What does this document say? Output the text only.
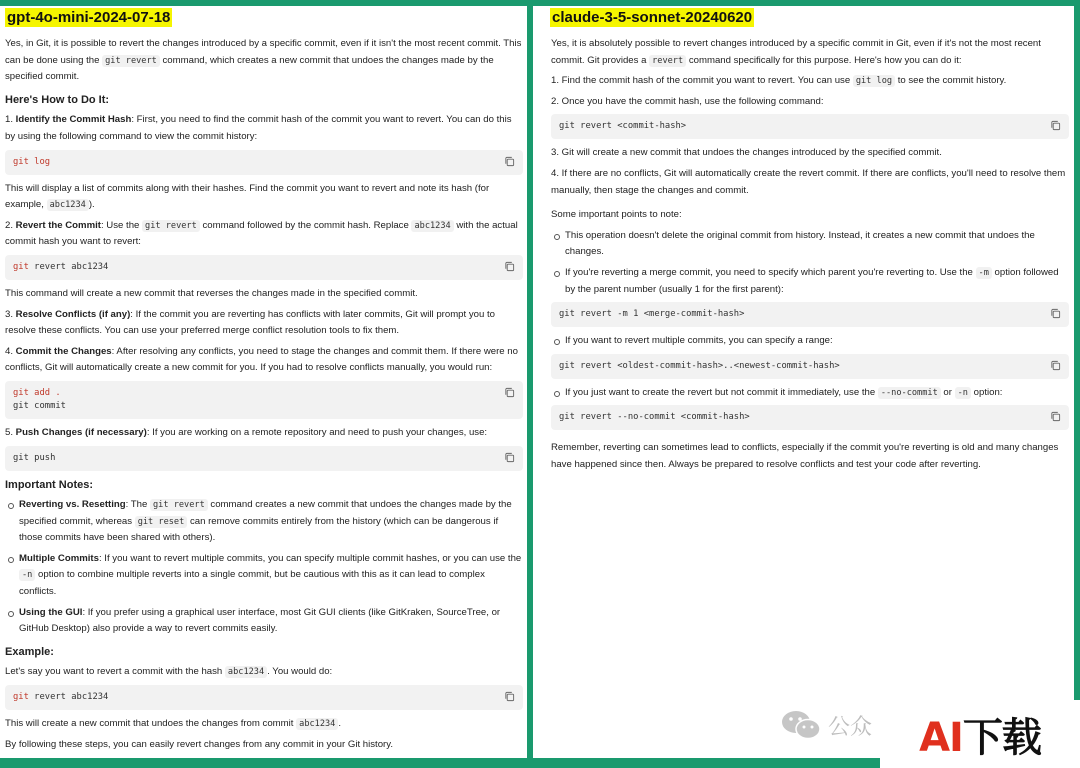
gpt-4o-mini-2024-07-18

Yes, in Git, it is possible to revert the changes introduced by a specific commit, even if it isn't the most recent commit. This can be done using the git revert command, which creates a new commit that undoes the changes made by the specified commit.

Here's How to Do It:

1. Identify the Commit Hash: First, you need to find the commit hash of the commit you want to revert. You can do this by using the following command to view the commit history:

git log

This will display a list of commits along with their hashes. Find the commit you want to revert and note its hash (for example, abc1234 ).

2. Revert the Commit: Use the git revert command followed by the commit hash. Replace abc1234 with the actual commit hash you want to revert:

git revert abc1234

This command will create a new commit that reverses the changes made in the specified commit.

3. Resolve Conflicts (if any): If the commit you are reverting has conflicts with later commits, Git will prompt you to resolve these conflicts. You can use your preferred merge conflict resolution tools to fix them.

4. Commit the Changes: After resolving any conflicts, you need to stage the changes and commit them. If there were no conflicts, Git will automatically create a new commit for you. If you had to resolve conflicts manually, you would run:

git add .
git commit

5. Push Changes (if necessary): If you are working on a remote repository and need to push your changes, use:

git push
Important Notes:

Reverting vs. Resetting: The git revert command creates a new commit that undoes the changes made by the specified commit, whereas git reset can remove commits entirely from the history (which can be dangerous if those commits have been shared with others).

Multiple Commits: If you want to revert multiple commits, you can specify multiple commit hashes, or you can use the -n option to combine multiple reverts into a single commit, but be cautious with this as it can lead to complex conflicts.

Using the GUI: If you prefer using a graphical user interface, most Git GUI clients (like GitKraken, SourceTree, or GitHub Desktop) also provide a way to revert commits easily.

Example:

Let's say you want to revert a commit with the hash abc1234 . You would do:

git revert abc1234

This will create a new commit that undoes the changes from commit abc1234 .

By following these steps, you can easily revert changes from any commit in your Git history.

claude-3-5-sonnet-20240620

Yes, it is absolutely possible to revert changes introduced by a specific commit in Git, even if it's not the most recent commit. Git provides a revert command specifically for this purpose. Here's how you can do it:

1. Find the commit hash of the commit you want to revert. You can use git log to see the commit history.

2. Once you have the commit hash, use the following command:

git revert <commit-hash>

3. Git will create a new commit that undoes the changes introduced by the specified commit.

4. If there are no conflicts, Git will automatically create the revert commit. If there are conflicts, you'll need to resolve them manually, then stage the changes and commit.

Some important points to note:

This operation doesn't delete the original commit from history. Instead, it creates a new commit that undoes the changes.

If you're reverting a merge commit, you need to specify which parent you're reverting to. Use the -m option followed by the parent number (usually 1 for the first parent):

git revert -m 1 <merge-commit-hash>

If you want to revert multiple commits, you can specify a range:

git revert <oldest-commit-hash>..<newest-commit-hash>

If you just want to create the revert but not commit it immediately, use the --no-commit or -n option:

git revert --no-commit <commit-hash>

Remember, reverting can sometimes lead to conflicts, especially if the commit you're reverting is old and many changes have happened since then. Always be prepared to resolve conflicts and test your code after reverting.

公众 AI下载
